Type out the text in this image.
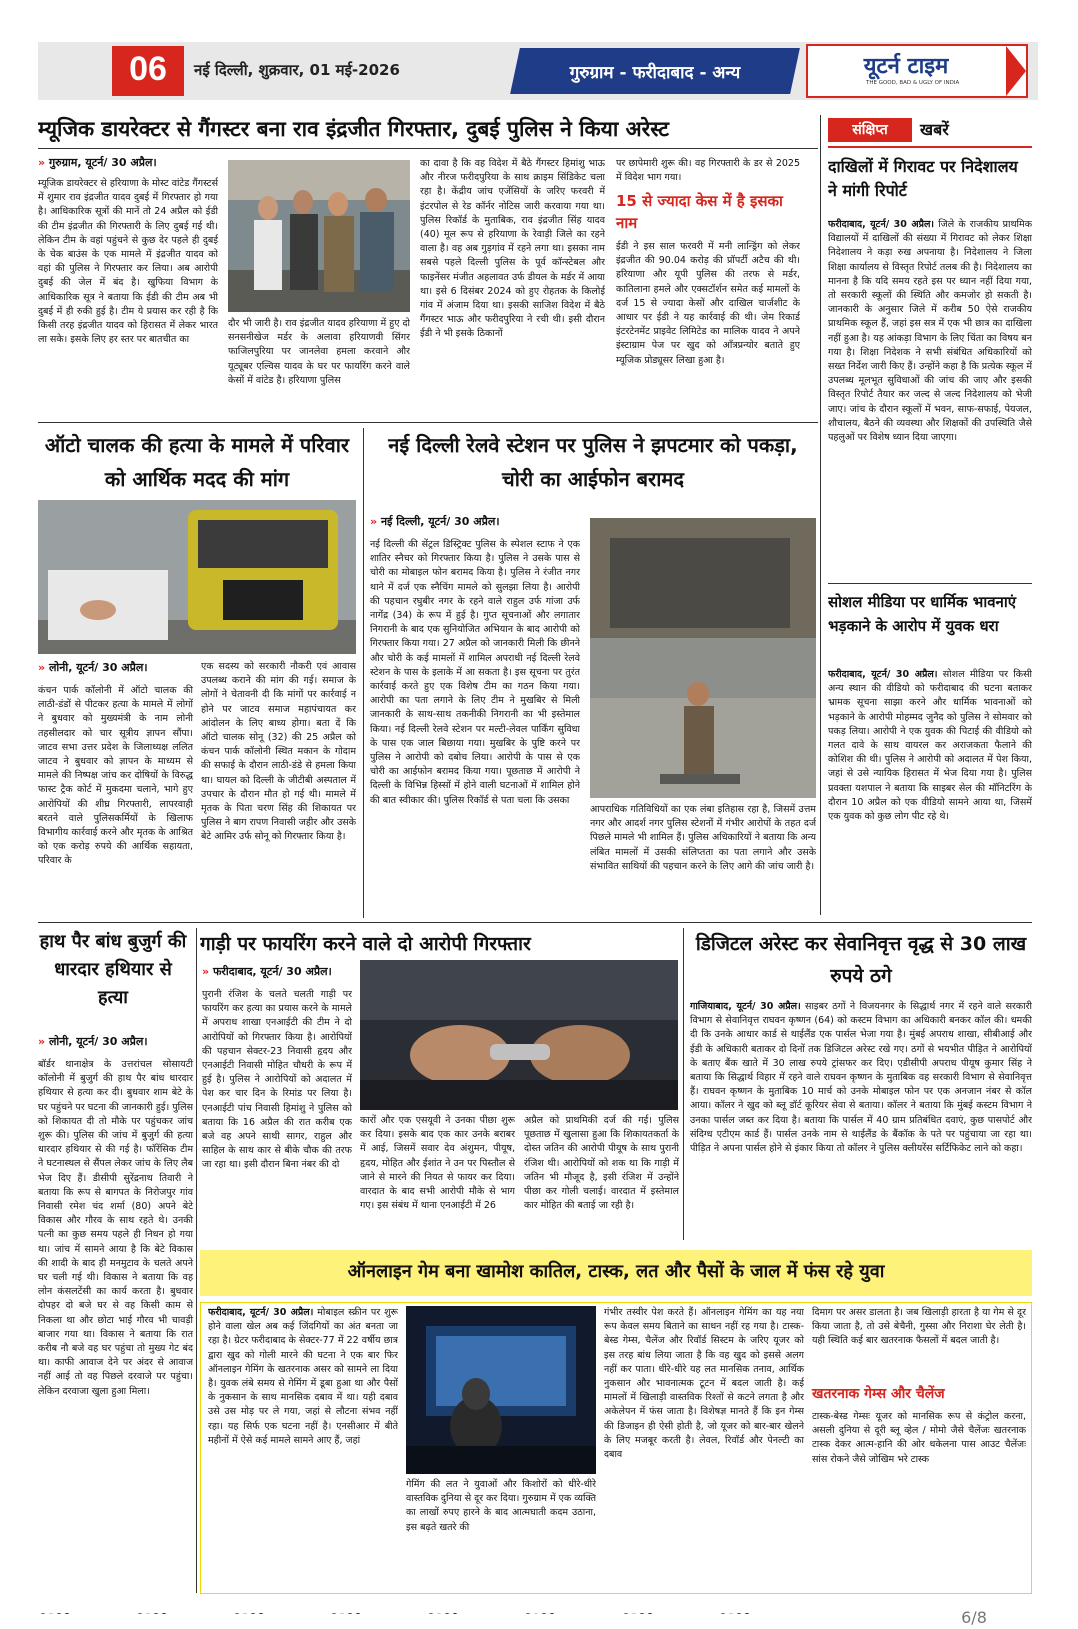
06	नई दिल्ली, शुक्रवार, 01 मई-2026	गुरुग्राम - फरीदाबाद - अन्य	यूटर्न टाइम
THE GOOD, BAD & UGLY OF INDIA
म्यूजिक डायरेक्टर से गैंगस्टर बना राव इंद्रजीत गिरफ्तार, दुबई पुलिस ने किया अरेस्ट
» गुरुग्राम, यूटर्न/ 30 अप्रैल।
म्यूजिक डायरेक्टर से हरियाणा के मोस्ट वांटेड गैंगस्टर्स में शुमार राव इंद्रजीत यादव दुबई में गिरफ्तार हो गया है। आधिकारिक सूत्रों की मानें तो 24 अप्रैल को ईडी की टीम इंद्रजीत की गिरफ्तारी के लिए दुबई गई थी। लेकिन टीम के वहां पहुंचने से कुछ देर पहले ही दुबई के चेक बाउंस के एक मामले में इंद्रजीत यादव को वहां की पुलिस ने गिरफ्तार कर लिया। अब आरोपी दुबई की जेल में बंद है। खुफिया विभाग के आधिकारिक सूत्र ने बताया कि ईडी की टीम अब भी दुबई में ही रुकी हुई है। टीम ये प्रयास कर रही है कि किसी तरह इंद्रजीत यादव को हिरासत में लेकर भारत ला सके। इसके लिए हर स्तर पर बातचीत का
दौर भी जारी है। राव इंद्रजीत यादव हरियाणा में हुए दो सनसनीखेज मर्डर के अलावा हरियाणवी सिंगर फाजिलपुरिया पर जानलेवा हमला करवाने और यूट्यूबर एल्विस यादव के घर पर फायरिंग करने वाले केसों में वांटेड है। हरियाणा पुलिस
का दावा है कि वह विदेश में बैठे गैंगस्टर हिमांशु भाऊ और नीरज फरीदपुरिया के साथ क्राइम सिंडिकेट चला रहा है। केंद्रीय जांच एजेंसियों के जरिए फरवरी में इंटरपोल से रेड कॉर्नर नोटिस जारी करवाया गया था। पुलिस रिकॉर्ड के मुताबिक, राव इंद्रजीत सिंह यादव (40) मूल रूप से हरियाणा के रेवाड़ी जिले का रहने वाला है। वह अब गुड़गांव में रहने लगा था। इसका नाम सबसे पहले दिल्ली पुलिस के पूर्व कॉन्स्टेबल और फाइनेंसर मंजीत अहलावत उर्फ डीयल के मर्डर में आया था। इसे 6 दिसंबर 2024 को हुए रोहतक के किलोई गांव में अंजाम दिया था। इसकी साजिश विदेश में बैठे गैंगस्टर भाऊ और फरीदपुरिया ने रची थी। इसी दौरान ईडी ने भी इसके ठिकानों
पर छापेमारी शुरू की। वह गिरफ्तारी के डर से 2025 में विदेश भाग गया।
15 से ज्यादा केस में है इसका नाम
ईडी ने इस साल फरवरी में मनी लान्ड्रिंग को लेकर इंद्रजीत की 90.04 करोड़ की प्रॉपर्टी अटैच की थी। हरियाणा और यूपी पुलिस की तरफ से मर्डर, कातिलाना हमले और एक्सटॉर्शन समेत कई मामलों के दर्ज 15 से ज्यादा केसों और दाखिल चार्जशीट के आधार पर ईडी ने यह कार्रवाई की थी। जेम रिकार्ड इंटरटेनमेंट प्राइवेट लिमिटेड का मालिक यादव ने अपने इंस्टाग्राम पेज पर खुद को ऑंत्रप्रन्योर बताते हुए म्यूजिक प्रोड्यूसर लिखा हुआ है।
संक्षिप्त	खबरें
दाखिलों में गिरावट पर निदेशालय ने मांगी रिपोर्ट
फरीदाबाद, यूटर्न/ 30 अप्रैल। जिले के राजकीय प्राथमिक विद्यालयों में दाखिलों की संख्या में गिरावट को लेकर शिक्षा निदेशालय ने कड़ा रुख अपनाया है। निदेशालय ने जिला शिक्षा कार्यालय से विस्तृत रिपोर्ट तलब की है। निदेशालय का मानना है कि यदि समय रहते इस पर ध्यान नहीं दिया गया, तो सरकारी स्कूलों की स्थिति और कमजोर हो सकती है। जानकारी के अनुसार जिले में करीब 50 ऐसे राजकीय प्राथमिक स्कूल हैं, जहां इस सत्र में एक भी छात्र का दाखिला नहीं हुआ है। यह आंकड़ा विभाग के लिए चिंता का विषय बन गया है। शिक्षा निदेशक ने सभी संबंधित अधिकारियों को सख्त निर्देश जारी किए हैं। उन्होंने कहा है कि प्रत्येक स्कूल में उपलब्ध मूलभूत सुविधाओं की जांच की जाए और इसकी विस्तृत रिपोर्ट तैयार कर जल्द से जल्द निदेशालय को भेजी जाए। जांच के दौरान स्कूलों में भवन, साफ-सफाई, पेयजल, शौचालय, बैठने की व्यवस्था और शिक्षकों की उपस्थिति जैसे पहलुओं पर विशेष ध्यान दिया जाएगा।
सोशल मीडिया पर धार्मिक भावनाएं भड़काने के आरोप में युवक धरा
फरीदाबाद, यूटर्न/ 30 अप्रैल। सोशल मीडिया पर किसी अन्य स्थान की वीडियो को फरीदाबाद की घटना बताकर भ्रामक सूचना साझा करने और धार्मिक भावनाओं को भड़काने के आरोपी मोहम्मद जुनैद को पुलिस ने सोमवार को पकड़ लिया। आरोपी ने एक युवक की पिटाई की वीडियो को गलत दावे के साथ वायरल कर अराजकता फैलाने की कोशिश की थी। पुलिस ने आरोपी को अदालत में पेश किया, जहां से उसे न्यायिक हिरासत में भेज दिया गया है। पुलिस प्रवक्ता यशपाल ने बताया कि साइबर सेल की मॉनिटरिंग के दौरान 10 अप्रैल को एक वीडियो सामने आया था, जिसमें एक युवक को कुछ लोग पीट रहे थे।
ऑटो चालक की हत्या के मामले में परिवार को आर्थिक मदद की मांग
» लोनी, यूटर्न/ 30 अप्रैल।
कंचन पार्क कॉलोनी में ऑटो चालक की लाठी-डंडों से पीटकर हत्या के मामले में लोगों ने बुधवार को मुख्यमंत्री के नाम लोनी तहसीलदार को चार सूत्रीय ज्ञापन सौंपा। जाटव सभा उत्तर प्रदेश के जिलाध्यक्ष ललित जाटव ने बुधवार को ज्ञापन के माध्यम से मामले की निष्पक्ष जांच कर दोषियों के विरुद्ध फास्ट ट्रैक कोर्ट में मुकदमा चलाने, भागे हुए आरोपियों की शीघ्र गिरफ्तारी, लापरवाही बरतने वाले पुलिसकर्मियों के खिलाफ विभागीय कार्रवाई करने और मृतक के आश्रित को एक करोड़ रुपये की आर्थिक सहायता, परिवार के
एक सदस्य को सरकारी नौकरी एवं आवास उपलब्ध कराने की मांग की गई। समाज के लोगों ने चेतावनी दी कि मांगों पर कार्रवाई न होने पर जाटव समाज महापंचायत कर आंदोलन के लिए बाध्य होगा। बता दें कि ऑटो चालक सोनू (32) की 25 अप्रैल को कंचन पार्क कॉलोनी स्थित मकान के गोदाम की सफाई के दौरान लाठी-डंडे से हमला किया था। घायल को दिल्ली के जीटीबी अस्पताल में उपचार के दौरान मौत हो गई थी। मामले में मृतक के पिता चरण सिंह की शिकायत पर पुलिस ने बाग रापण निवासी जहीर और उसके बेटे आमिर उर्फ सोनू को गिरफ्तार किया है।
नई दिल्ली रेलवे स्टेशन पर पुलिस ने झपटमार को पकड़ा, चोरी का आईफोन बरामद
» नई दिल्ली, यूटर्न/ 30 अप्रैल।
नई दिल्ली की सेंट्रल डिस्ट्रिक्ट पुलिस के स्पेशल स्टाफ ने एक शातिर स्नैचर को गिरफ्तार किया है। पुलिस ने उसके पास से चोरी का मोबाइल फोन बरामद किया है। पुलिस ने रंजीत नगर थाने में दर्ज एक स्नैचिंग मामले को सुलझा लिया है। आरोपी की पहचान रघुबीर नगर के रहने वाले राहुल उर्फ गांजा उर्फ नागेंद्र (34) के रूप में हुई है। गुप्त सूचनाओं और लगातार निगरानी के बाद एक सुनियोजित अभियान के बाद आरोपी को गिरफ्तार किया गया। 27 अप्रैल को जानकारी मिली कि छीनने और चोरी के कई मामलों में शामिल अपराधी नई दिल्ली रेलवे स्टेशन के पास के इलाके में आ सकता है। इस सूचना पर तुरंत कार्रवाई करते हुए एक विशेष टीम का गठन किया गया। आरोपी का पता लगाने के लिए टीम ने मुखबिर से मिली जानकारी के साथ-साथ तकनीकी निगरानी का भी इस्तेमाल किया। नई दिल्ली रेलवे स्टेशन पर मल्टी-लेवल पार्किंग सुविधा के पास एक जाल बिछाया गया। मुखबिर के पुष्टि करने पर पुलिस ने आरोपी को दबोच लिया। आरोपी के पास से एक चोरी का आईफोन बरामद किया गया। पूछताछ में आरोपी ने दिल्ली के विभिन्न हिस्सों में होने वाली घटनाओं में शामिल होने की बात स्वीकार की। पुलिस रिकॉर्ड से पता चला कि उसका
आपराधिक गतिविधियों का एक लंबा इतिहास रहा है, जिसमें उत्तम नगर और आदर्श नगर पुलिस स्टेशनों में गंभीर आरोपों के तहत दर्ज पिछले मामले भी शामिल हैं। पुलिस अधिकारियों ने बताया कि अन्य लंबित मामलों में उसकी संलिप्तता का पता लगाने और उसके संभावित साथियों की पहचान करने के लिए आगे की जांच जारी है।
हाथ पैर बांध बुजुर्ग की धारदार हथियार से हत्या
» लोनी, यूटर्न/ 30 अप्रैल।
बॉर्डर थानाक्षेत्र के उत्तरांचल सोसायटी कॉलोनी में बुजुर्ग की हाथ पैर बांध धारदार हथियार से हत्या कर दी। बुधवार शाम बेटे के घर पहुंचने पर घटना की जानकारी हुई। पुलिस को शिकायत दी तो मौके पर पहुंचकर जांच शुरू की। पुलिस की जांच में बुजुर्ग की हत्या धारदार हथियार से की गई है। फॉरेंसिक टीम ने घटनास्थल से सैंपल लेकर जांच के लिए लैब भेज दिए हैं। डीसीपी सुरेंद्रनाथ तिवारी ने बताया कि रूप से बागपत के निरोजपुर गांव निवासी रमेश चंद शर्मा (80) अपने बेटे विकास और गौरव के साथ रहते थे। उनकी पत्नी का कुछ समय पहले ही निधन हो गया था। जांच में सामने आया है कि बेटे विकास की शादी के बाद ही मनमुटाव के चलते अपने घर चली गई थी। विकास ने बताया कि वह लोन कंसलटेंसी का कार्य करता है। बुधवार दोपहर दो बजे घर से वह किसी काम से निकला था और छोटा भाई गौरव भी चावड़ी बाजार गया था। विकास ने बताया कि रात करीब नौ बजे वह घर पहुंचा तो मुख्य गेट बंद था। काफी आवाज देने पर अंदर से आवाज नहीं आई तो वह पिछले दरवाजे पर पहुंचा। लेकिन दरवाजा खुला हुआ मिला।
गाड़ी पर फायरिंग करने वाले दो आरोपी गिरफ्तार
» फरीदाबाद, यूटर्न/ 30 अप्रैल।
पुरानी रंजिश के चलते चलती गाड़ी पर फायरिंग कर हत्या का प्रयास करने के मामले में अपराध शाखा एनआईटी की टीम ने दो आरोपियों को गिरफ्तार किया है। आरोपियों की पहचान सेक्टर-23 निवासी हृदय और एनआईटी निवासी मोहित चौधरी के रूप में हुई है। पुलिस ने आरोपियों को अदालत में पेश कर चार दिन के रिमांड पर लिया है। एनआईटी पांच निवासी हिमांशु ने पुलिस को बताया कि 16 अप्रैल की रात करीब एक बजे वह अपने साथी सागर, राहुल और साहिल के साथ कार से बीके चौक की तरफ जा रहा था। इसी दौरान बिना नंबर की दो
कारों और एक एसयूवी ने उनका पीछा शुरू कर दिया। इसके बाद एक कार उनके बराबर में आई, जिसमें सवार देव अंशुमन, पीयूष, हृदय, मोहित और ईशांत ने उन पर पिस्तौल से जाने से मारने की नियत से फायर कर दिया। वारदात के बाद सभी आरोपी मौके से भाग गए। इस संबंध में थाना एनआईटी में 26
अप्रैल को प्राथमिकी दर्ज की गई। पुलिस पूछताछ में खुलासा हुआ कि शिकायतकर्ता के दोस्त जतिन की आरोपी पीयूष के साथ पुरानी रंजिश थी। आरोपियों को शक था कि गाड़ी में जतिन भी मौजूद है, इसी रंजिश में उन्होंने पीछा कर गोली चलाई। वारदात में इस्तेमाल कार मोहित की बताई जा रही है।
डिजिटल अरेस्ट कर सेवानिवृत्त वृद्ध से 30 लाख रुपये ठगे
गाजियाबाद, यूटर्न/ 30 अप्रैल। साइबर ठगों ने विजयनगर के सिद्धार्थ नगर में रहने वाले सरकारी विभाग से सेवानिवृत्त राघवन कृष्णन (64) को कस्टम विभाग का अधिकारी बनकर कॉल की। धमकी दी कि उनके आधार कार्ड से थाईलैंड एक पार्सल भेजा गया है। मुंबई अपराध शाखा, सीबीआई और ईडी के अधिकारी बताकर दो दिनों तक डिजिटल अरेस्ट रखे गए। ठगों से भयभीत पीड़ित ने आरोपियों के बताए बैंक खाते में 30 लाख रुपये ट्रांसफर कर दिए। एडीसीपी अपराध पीयूष कुमार सिंह ने बताया कि सिद्धार्थ विहार में रहने वाले राघवन कृष्णन के मुताबिक वह सरकारी विभाग से सेवानिवृत्त हैं। राघवन कृष्णन के मुताबिक 10 मार्च को उनके मोबाइल फोन पर एक अनजान नंबर से कॉल आया। कॉलर ने खुद को ब्लू डॉर्ट कूरियर सेवा से बताया। कॉलर ने बताया कि मुंबई कस्टम विभाग ने उनका पार्सल जब्त कर दिया है। बताया कि पार्सल में 40 ग्राम प्रतिबंधित दवाएं, कुछ पासपोर्ट और संदिग्ध एटीएम कार्ड हैं। पार्सल उनके नाम से थाईलैंड के बैंकॉक के पते पर पहुंचाया जा रहा था। पीड़ित ने अपना पार्सल होने से इंकार किया तो कॉलर ने पुलिस क्लीयरेंस सर्टिफिकेट लाने को कहा।
ऑनलाइन गेम बना खामोश कातिल, टास्क, लत और पैसों के जाल में फंस रहे युवा
फरीदाबाद, यूटर्न/ 30 अप्रैल। मोबाइल स्क्रीन पर शुरू होने वाला खेल अब कई जिंदगियों का अंत बनता जा रहा है। ग्रेटर फरीदाबाद के सेक्टर-77 में 22 वर्षीय छात्र द्वारा खुद को गोली मारने की घटना ने एक बार फिर ऑनलाइन गेमिंग के खतरनाक असर को सामने ला दिया है। युवक लंबे समय से गेमिंग में डूबा हुआ था और पैसों के नुकसान के साथ मानसिक दबाव में था। यही दबाव उसे उस मोड़ पर ले गया, जहां से लौटना संभव नहीं रहा। यह सिर्फ एक घटना नहीं है। एनसीआर में बीते महीनों में ऐसे कई मामले सामने आए हैं, जहां
गेमिंग की लत ने युवाओं और किशोरों को धीरे-धीरे वास्तविक दुनिया से दूर कर दिया। गुरुग्राम में एक व्यक्ति का लाखों रुपए हारने के बाद आत्मघाती कदम उठाना, इस बढ़ते खतरे की
गंभीर तस्वीर पेश करते हैं। ऑनलाइन गेमिंग का यह नया रूप केवल समय बिताने का साधन नहीं रह गया है। टास्क-बेस्ड गेम्स, चैलेंज और रिवॉर्ड सिस्टम के जरिए यूजर को इस तरह बांध लिया जाता है कि वह खुद को इससे अलग नहीं कर पाता। धीरे-धीरे यह लत मानसिक तनाव, आर्थिक नुकसान और भावनात्मक टूटन में बदल जाती है। कई मामलों में खिलाड़ी वास्तविक रिश्तों से कटने लगता है और अकेलेपन में फंस जाता है। विशेषज्ञ मानते हैं कि इन गेम्स की डिजाइन ही ऐसी होती है, जो यूजर को बार-बार खेलने के लिए मजबूर करती है। लेवल, रिवॉर्ड और पेनल्टी का दबाव
दिमाग पर असर डालता है। जब खिलाड़ी हारता है या गेम से दूर किया जाता है, तो उसे बेचैनी, गुस्सा और निराशा घेर लेती है। यही स्थिति कई बार खतरनाक फैसलों में बदल जाती है।
खतरनाक गेम्स और चैलेंज
टास्क-बेस्ड गेम्सः यूजर को मानसिक रूप से कंट्रोल करना, असली दुनिया से दूरी ब्लू व्हेल / मोमो जैसे चैलेंजः खतरनाक टास्क देकर आत्म-हानि की ओर धकेलना पास आउट चैलेंजः सांस रोकने जैसे जोखिम भरे टास्क

6/8
